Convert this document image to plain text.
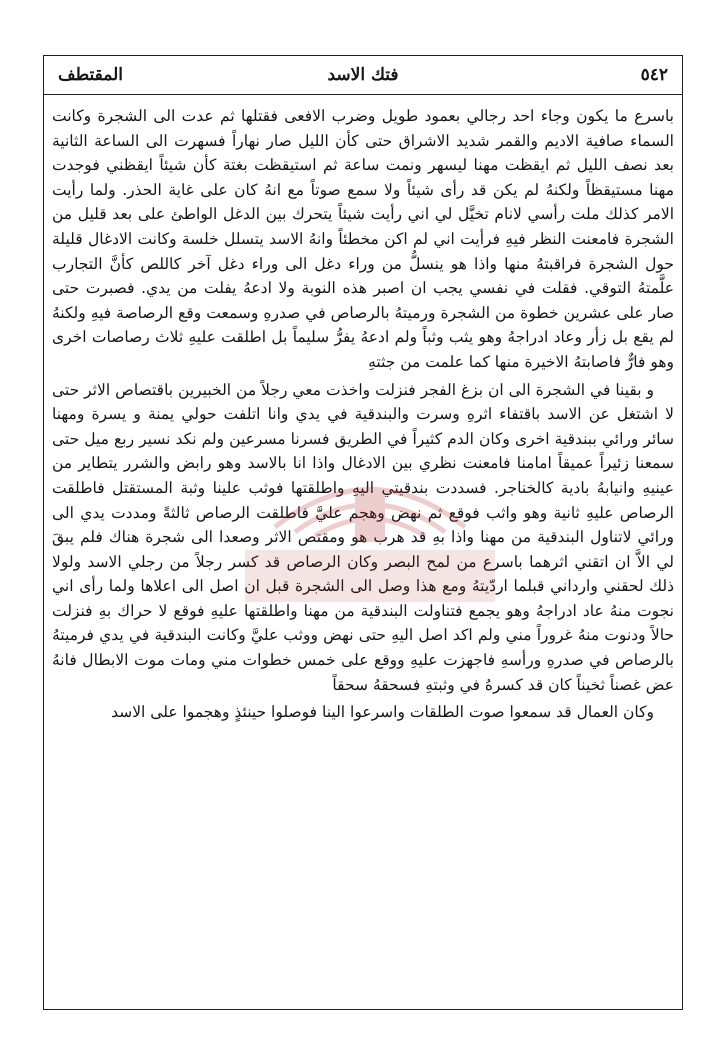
٥٤٢
فتك الاسد
المقتطف

باسرع ما يكون وجاء احد رجالي بعمود طويل وضرب الافعى فقتلها ثم عدت الى الشجرة وكانت السماء صافية الاديم والقمر شديد الاشراق حتى كأن الليل صار نهاراً فسهرت الى الساعة الثانية بعد نصف الليل ثم ايقظت مهنا ليسهر ونمت ساعة ثم استيقظت بغتة كأن شيئاً ايقظني فوجدت مهنا مستيقظاً ولكنهُ لم يكن قد رأى شيئاً ولا سمع صوتاً مع انهُ كان على غاية الحذر. ولما رأيت الامر كذلك ملت رأسي لانام تخيَّل لي اني رأيت شيئاً يتحرك بين الدغل الواطئ على بعد قليل من الشجرة فامعنت النظر فيهِ فرأيت اني لم اكن مخطئاً وانهُ الاسد يتسلل خلسة وكانت الادغال قليلة حول الشجرة فراقبتهُ منها واذا هو ينسلُّ من وراء دغل الى وراء دغل آخر كاللص كأنَّ التجارب علَّمتهُ التوقي. فقلت في نفسي يجب ان اصبر هذه النوبة ولا ادعهُ يفلت من يدي. فصبرت حتى صار على عشرين خطوة من الشجرة ورميتهُ بالرصاص في صدرهِ وسمعت وقع الرصاصة فيهِ ولكنهُ لم يقع بل زأر وعاد ادراجهُ وهو يثب وثباً ولم ادعهُ يفرُّ سليماً بل اطلقت عليهِ ثلاث رصاصات اخرى وهو فارٌّ فاصابتهُ الاخيرة منها كما علمت من جثتهِ

و بقينا في الشجرة الى ان بزغ الفجر فنزلت واخذت معي رجلاً من الخبيرين باقتصاص الاثر حتى لا اشتغل عن الاسد باقتفاء اثرهِ وسرت والبندقية في يدي وانا اتلفت حولي يمنة و يسرة ومهنا سائر ورائي ببندقية اخرى وكان الدم كثيراً في الطريق فسرنا مسرعين ولم نكد نسير ربع ميل حتى سمعنا زئيراً عميقاً امامنا فامعنت نظري بين الادغال واذا انا بالاسد وهو رابض والشرر يتطاير من عينيهِ وانيابهُ بادية كالخناجر. فسددت بندقيتي اليهِ واطلقتها فوثب علينا وثبة المستقتل فاطلقت الرصاص عليهِ ثانية وهو واثب فوقع ثم نهض وهجم عليَّ فاطلقت الرصاص ثالثةً ومددت يدي الى ورائي لاتناول البندقية من مهنا واذا بهِ قد هرب هو ومقتص الاثر وصعدا الى شجرة هناك فلم يبقَ لي الاَّ ان اتقني اثرهما باسرع من لمح البصر وكان الرصاص قد كسر رجلاً من رجلي الاسد ولولا ذلك لحقني وارداني قبلما اردّيتهُ ومع هذا وصل الى الشجرة قبل ان اصل الى اعلاها ولما رأى اني نجوت منهُ عاد ادراجهُ وهو يجمع فتناولت البندقية من مهنا واطلقتها عليهِ فوقع لا حراك بهِ فنزلت حالاً ودنوت منهُ غروراً مني ولم اكد اصل اليهِ حتى نهض ووثب عليَّ وكانت البندقية في يدي فرميتهُ بالرصاص في صدرهِ ورأسهِ فاجهزت عليهِ ووقع على خمس خطوات مني ومات موت الابطال فانهُ عض غصناً ثخيناً كان قد كسرهُ في وثبتهِ فسحقهُ سحقاً

وكان العمال قد سمعوا صوت الطلقات واسرعوا الينا فوصلوا حينئذٍ وهجموا على الاسد
